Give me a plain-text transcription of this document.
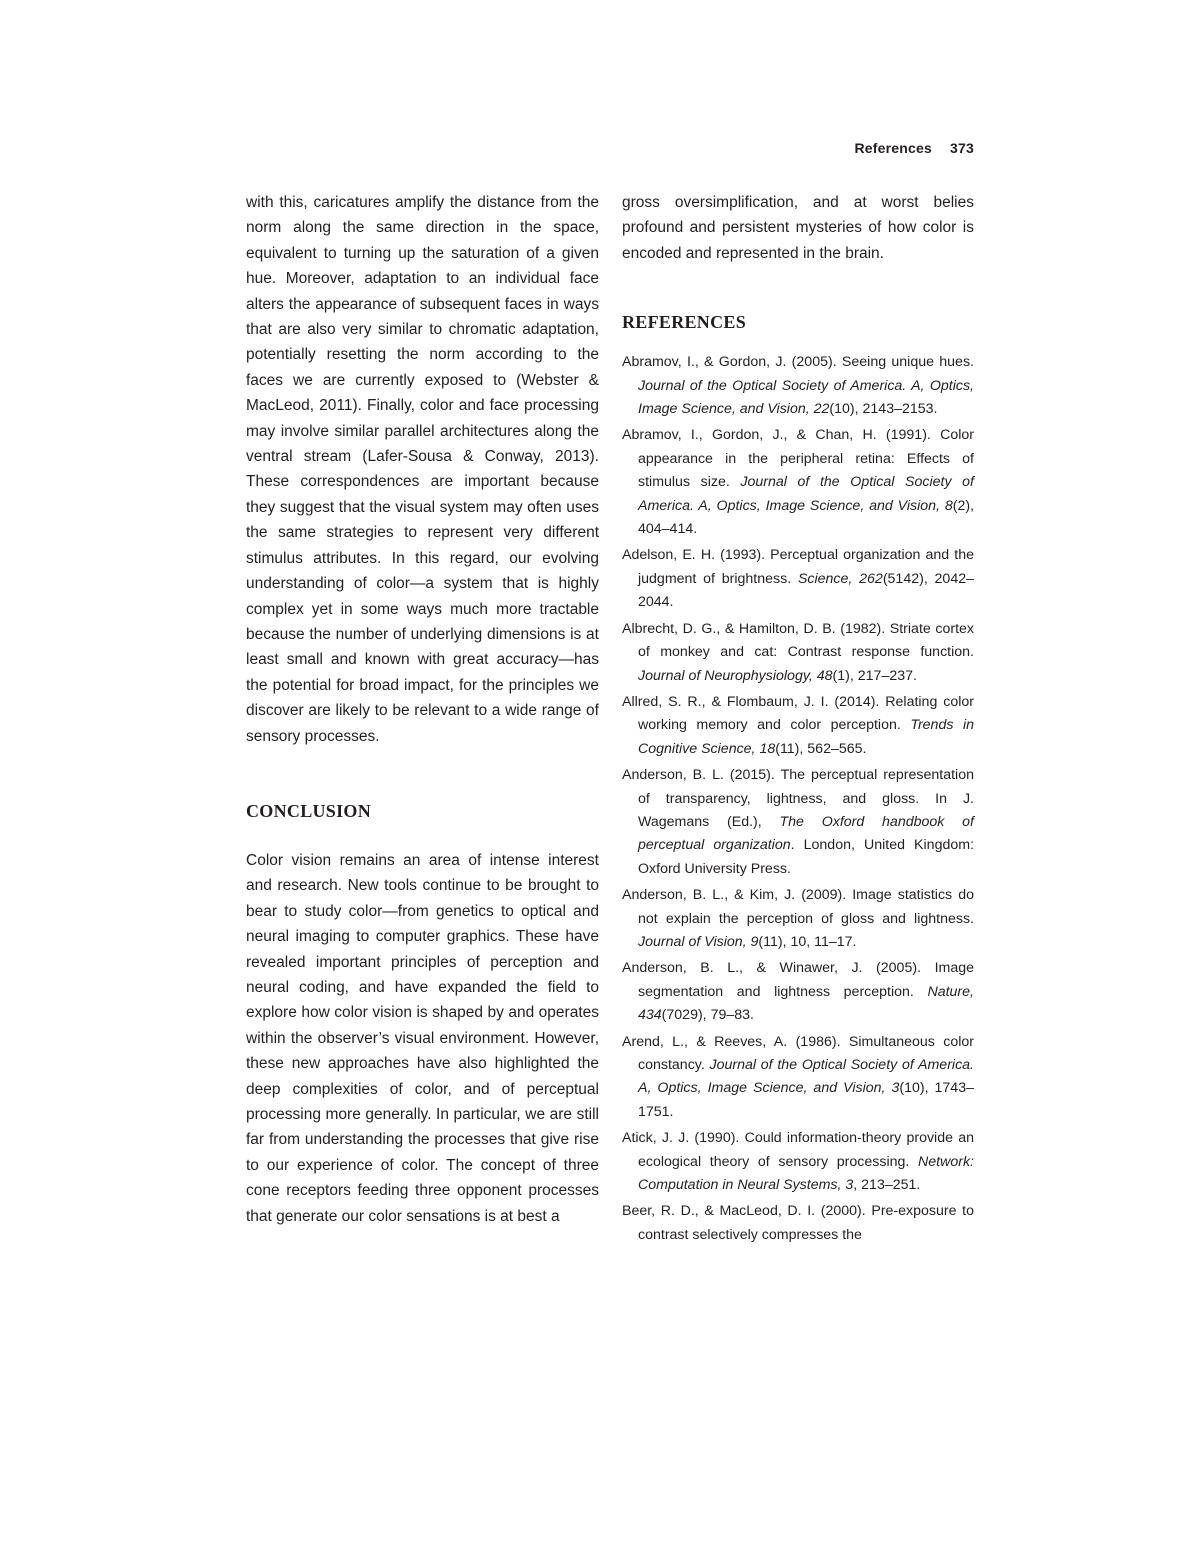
References 373

with this, caricatures amplify the distance from the norm along the same direction in the space, equivalent to turning up the saturation of a given hue. Moreover, adaptation to an individual face alters the appearance of subsequent faces in ways that are also very similar to chromatic adaptation, potentially resetting the norm according to the faces we are currently exposed to (Webster & MacLeod, 2011). Finally, color and face processing may involve similar parallel architectures along the ventral stream (Lafer-Sousa & Conway, 2013). These correspondences are important because they suggest that the visual system may often uses the same strategies to represent very different stimulus attributes. In this regard, our evolving understanding of color—a system that is highly complex yet in some ways much more tractable because the number of underlying dimensions is at least small and known with great accuracy—has the potential for broad impact, for the principles we discover are likely to be relevant to a wide range of sensory processes.

CONCLUSION

Color vision remains an area of intense interest and research. New tools continue to be brought to bear to study color—from genetics to optical and neural imaging to computer graphics. These have revealed important principles of perception and neural coding, and have expanded the field to explore how color vision is shaped by and operates within the observer’s visual environment. However, these new approaches have also highlighted the deep complexities of color, and of perceptual processing more generally. In particular, we are still far from understanding the processes that give rise to our experience of color. The concept of three cone receptors feeding three opponent processes that generate our color sensations is at best a

gross oversimplification, and at worst belies profound and persistent mysteries of how color is encoded and represented in the brain.

REFERENCES
Abramov, I., & Gordon, J. (2005). Seeing unique hues. Journal of the Optical Society of America. A, Optics, Image Science, and Vision, 22(10), 2143–2153.
Abramov, I., Gordon, J., & Chan, H. (1991). Color appearance in the peripheral retina: Effects of stimulus size. Journal of the Optical Society of America. A, Optics, Image Science, and Vision, 8(2), 404–414.
Adelson, E. H. (1993). Perceptual organization and the judgment of brightness. Science, 262(5142), 2042–2044.
Albrecht, D. G., & Hamilton, D. B. (1982). Striate cortex of monkey and cat: Contrast response function. Journal of Neurophysiology, 48(1), 217–237.
Allred, S. R., & Flombaum, J. I. (2014). Relating color working memory and color perception. Trends in Cognitive Science, 18(11), 562–565.
Anderson, B. L. (2015). The perceptual representation of transparency, lightness, and gloss. In J. Wagemans (Ed.), The Oxford handbook of perceptual organization. London, United Kingdom: Oxford University Press.
Anderson, B. L., & Kim, J. (2009). Image statistics do not explain the perception of gloss and lightness. Journal of Vision, 9(11), 10, 11–17.
Anderson, B. L., & Winawer, J. (2005). Image segmentation and lightness perception. Nature, 434(7029), 79–83.
Arend, L., & Reeves, A. (1986). Simultaneous color constancy. Journal of the Optical Society of America. A, Optics, Image Science, and Vision, 3(10), 1743–1751.
Atick, J. J. (1990). Could information-theory provide an ecological theory of sensory processing. Network: Computation in Neural Systems, 3, 213–251.
Beer, R. D., & MacLeod, D. I. (2000). Pre-exposure to contrast selectively compresses the
